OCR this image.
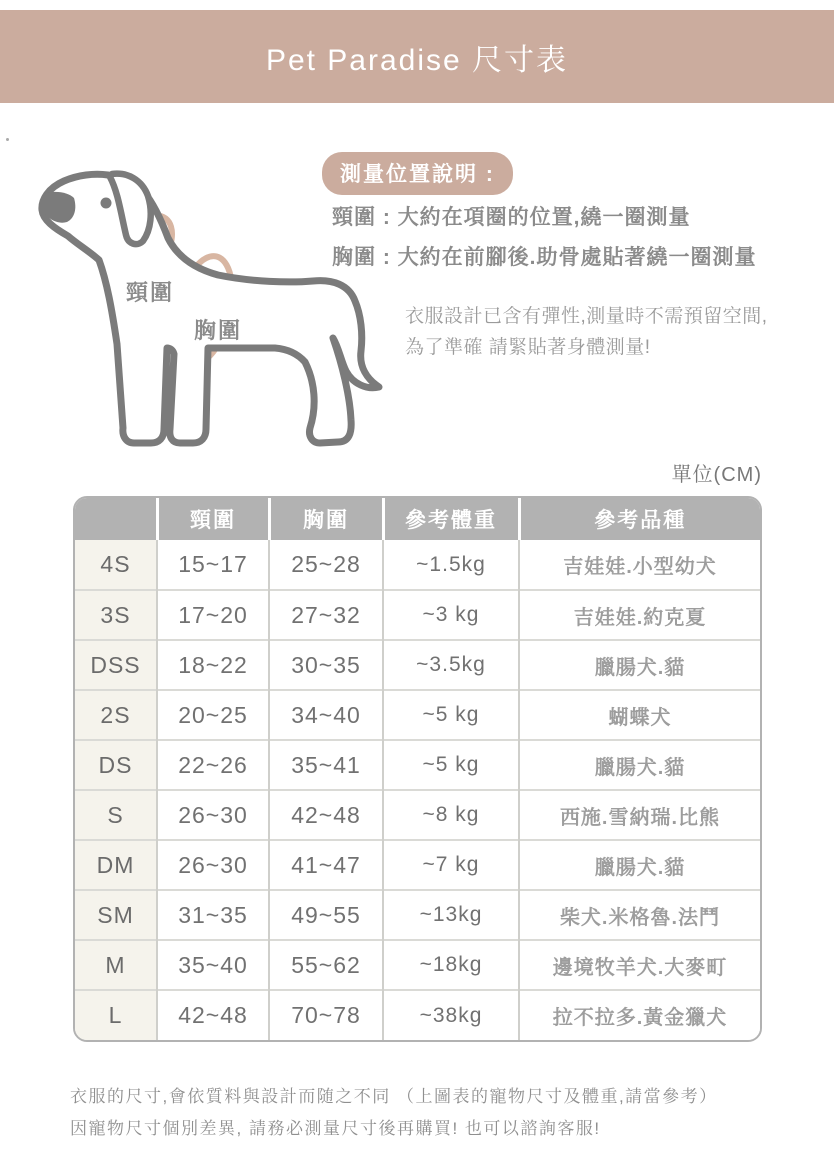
Pet Paradise 尺寸表
頸圍
胸圍
測量位置說明 :
頸圍 : 大約在項圈的位置,繞一圈測量
胸圍 : 大約在前腳後.助骨處貼著繞一圈測量
衣服設計已含有彈性,測量時不需預留空間,
為了準確 請緊貼著身體測量!
單位(CM)
	頸圍	胸圍	參考體重	參考品種
4S	15~17	25~28	~1.5kg	吉娃娃.小型幼犬
3S	17~20	27~32	~3 kg	吉娃娃.約克夏
DSS	18~22	30~35	~3.5kg	臘腸犬.貓
2S	20~25	34~40	~5 kg	蝴蝶犬
DS	22~26	35~41	~5 kg	臘腸犬.貓
S	26~30	42~48	~8 kg	西施.雪納瑞.比熊
DM	26~30	41~47	~7 kg	臘腸犬.貓
SM	31~35	49~55	~13kg	柴犬.米格魯.法鬥
M	35~40	55~62	~18kg	邊境牧羊犬.大麥町
L	42~48	70~78	~38kg	拉不拉多.黃金獵犬
衣服的尺寸,會依質料與設計而随之不同 （上圖表的寵物尺寸及體重,請當參考）
因寵物尺寸個別差異, 請務必測量尺寸後再購買! 也可以諮詢客服!
